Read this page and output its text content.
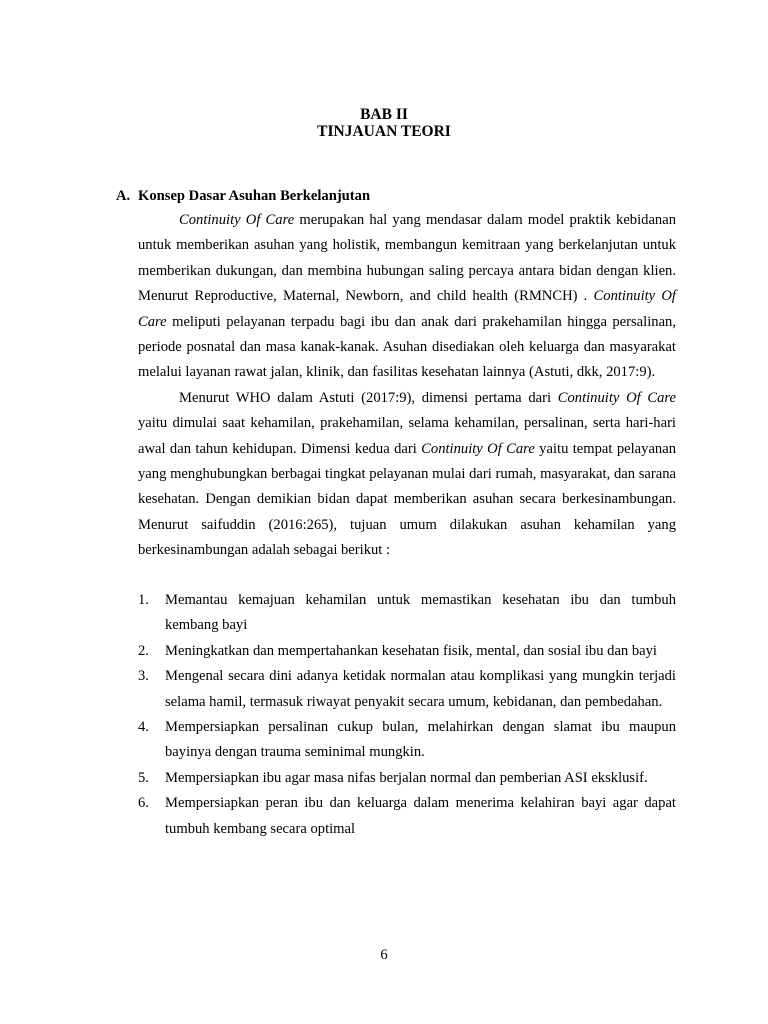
BAB II
TINJAUAN TEORI
A. Konsep Dasar Asuhan Berkelanjutan

Continuity Of Care merupakan hal yang mendasar dalam model praktik kebidanan untuk memberikan asuhan yang holistik, membangun kemitraan yang berkelanjutan untuk memberikan dukungan, dan membina hubungan saling percaya antara bidan dengan klien. Menurut Reproductive, Maternal, Newborn, and child health (RMNCH) . Continuity Of Care meliputi pelayanan terpadu bagi ibu dan anak dari prakehamilan hingga persalinan, periode posnatal dan masa kanak-kanak. Asuhan disediakan oleh keluarga dan masyarakat melalui layanan rawat jalan, klinik, dan fasilitas kesehatan lainnya (Astuti, dkk, 2017:9).

Menurut WHO dalam Astuti (2017:9), dimensi pertama dari Continuity Of Care yaitu dimulai saat kehamilan, prakehamilan, selama kehamilan, persalinan, serta hari-hari awal dan tahun kehidupan. Dimensi kedua dari Continuity Of Care yaitu tempat pelayanan yang menghubungkan berbagai tingkat pelayanan mulai dari rumah, masyarakat, dan sarana kesehatan. Dengan demikian bidan dapat memberikan asuhan secara berkesinambungan. Menurut saifuddin (2016:265), tujuan umum dilakukan asuhan kehamilan yang berkesinambungan adalah sebagai berikut :

1. Memantau kemajuan kehamilan untuk memastikan kesehatan ibu dan tumbuh kembang bayi
2. Meningkatkan dan mempertahankan kesehatan fisik, mental, dan sosial ibu dan bayi
3. Mengenal secara dini adanya ketidak normalan atau komplikasi yang mungkin terjadi selama hamil, termasuk riwayat penyakit secara umum, kebidanan, dan pembedahan.
4. Mempersiapkan persalinan cukup bulan, melahirkan dengan slamat ibu maupun bayinya dengan trauma seminimal mungkin.
5. Mempersiapkan ibu agar masa nifas berjalan normal dan pemberian ASI eksklusif.
6. Mempersiapkan peran ibu dan keluarga dalam menerima kelahiran bayi agar dapat tumbuh kembang secara optimal
6
